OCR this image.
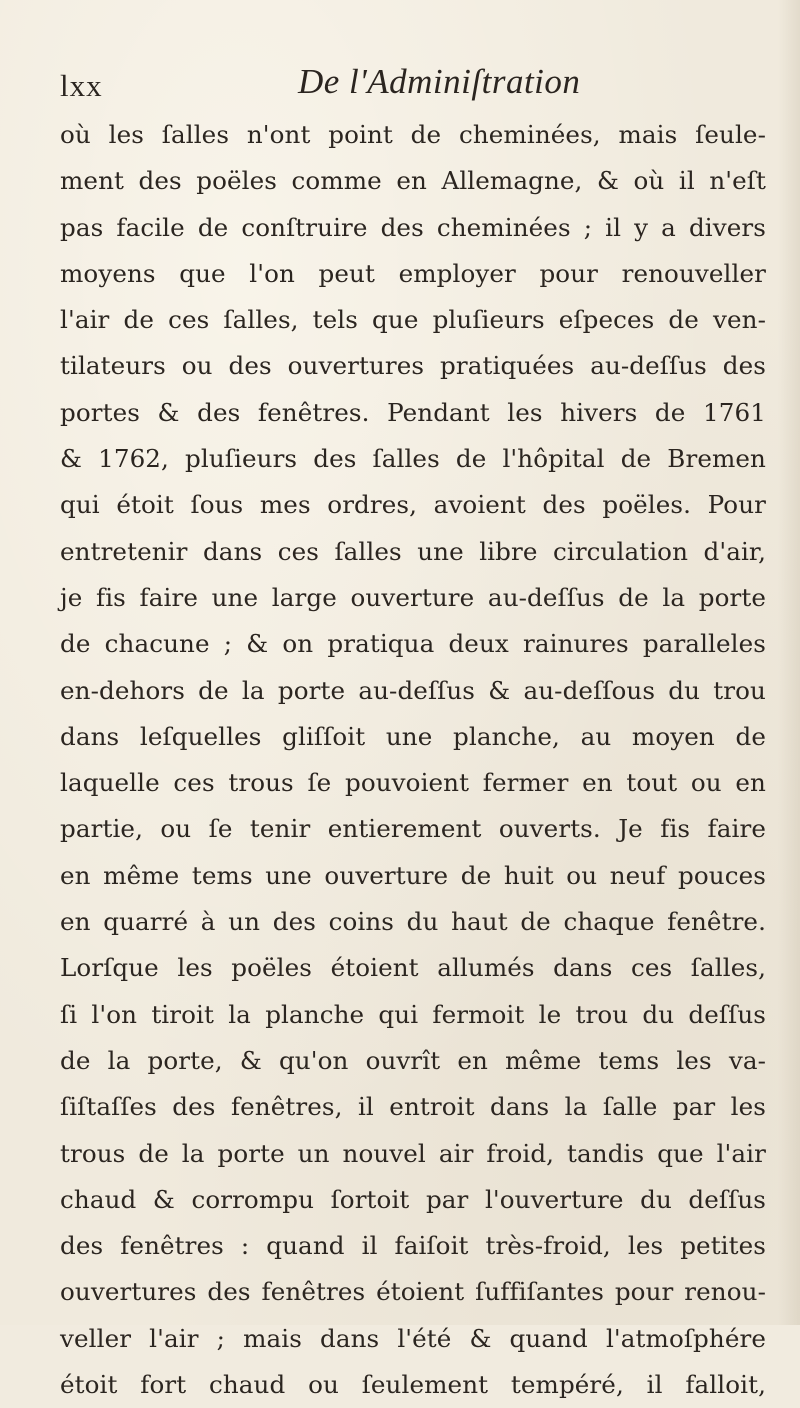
lxx	De l'Adminiſtration
où les ſalles n'ont point de cheminées, mais ſeule-
ment des poëles comme en Allemagne, & où il n'eſt
pas facile de conſtruire des cheminées ; il y a divers
moyens que l'on peut employer pour renouveller
l'air de ces ſalles, tels que pluſieurs eſpeces de ven-
tilateurs ou des ouvertures pratiquées au-deſſus des
portes & des fenêtres. Pendant les hivers de 1761
& 1762, pluſieurs des ſalles de l'hôpital de Bremen
qui étoit ſous mes ordres, avoient des poëles. Pour
entretenir dans ces ſalles une libre circulation d'air,
je fis faire une large ouverture au-deſſus de la porte
de chacune ; & on pratiqua deux rainures paralleles
en-dehors de la porte au-deſſus & au-deſſous du trou
dans leſquelles gliſſoit une planche, au moyen de
laquelle ces trous ſe pouvoient fermer en tout ou en
partie, ou ſe tenir entierement ouverts. Je fis faire
en même tems une ouverture de huit ou neuf pouces
en quarré à un des coins du haut de chaque fenêtre.
Lorſque les poëles étoient allumés dans ces ſalles,
ſi l'on tiroit la planche qui fermoit le trou du deſſus
de la porte, & qu'on ouvrît en même tems les va-
ſiſtaſſes des fenêtres, il entroit dans la ſalle par les
trous de la porte un nouvel air froid, tandis que l'air
chaud & corrompu ſortoit par l'ouverture du deſſus
des fenêtres : quand il faiſoit très-froid, les petites
ouvertures des fenêtres étoient ſuffiſantes pour renou-
veller l'air ; mais dans l'été & quand l'atmoſphére
étoit fort chaud ou ſeulement tempéré, il falloit,
